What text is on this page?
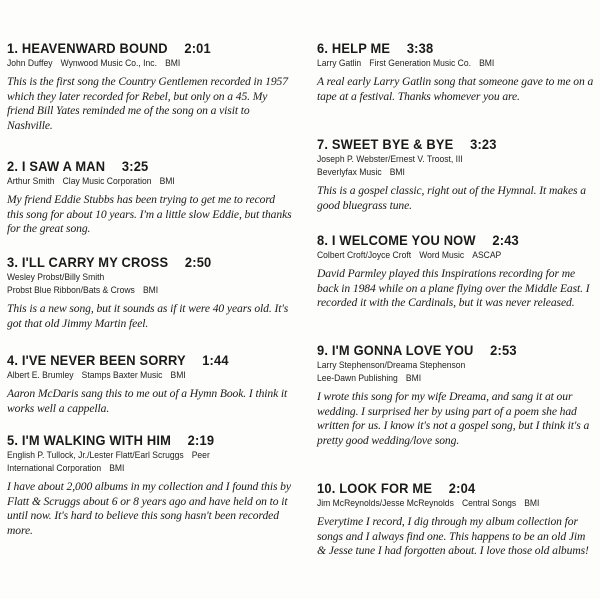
1. HEAVENWARD BOUND 2:01
John Duffey Wynwood Music Co., Inc. BMI
This is the first song the Country Gentlemen recorded in 1957 which they later recorded for Rebel, but only on a 45. My friend Bill Yates reminded me of the song on a visit to Nashville.
2. I SAW A MAN 3:25
Arthur Smith Clay Music Corporation BMI
My friend Eddie Stubbs has been trying to get me to record this song for about 10 years. I'm a little slow Eddie, but thanks for the great song.
3. I'LL CARRY MY CROSS 2:50
Wesley Probst/Billy Smith
Probst Blue Ribbon/Bats & Crows BMI
This is a new song, but it sounds as if it were 40 years old. It's got that old Jimmy Martin feel.
4. I'VE NEVER BEEN SORRY 1:44
Albert E. Brumley Stamps Baxter Music BMI
Aaron McDaris sang this to me out of a Hymn Book. I think it works well a cappella.
5. I'M WALKING WITH HIM 2:19
English P. Tullock, Jr./Lester Flatt/Earl Scruggs Peer
International Corporation BMI
I have about 2,000 albums in my collection and I found this by Flatt & Scruggs about 6 or 8 years ago and have held on to it until now. It's hard to believe this song hasn't been recorded more.
6. HELP ME 3:38
Larry Gatlin First Generation Music Co. BMI
A real early Larry Gatlin song that someone gave to me on a tape at a festival. Thanks whomever you are.
7. SWEET BYE & BYE 3:23
Joseph P. Webster/Ernest V. Troost, III
Beverlyfax Music BMI
This is a gospel classic, right out of the Hymnal. It makes a good bluegrass tune.
8. I WELCOME YOU NOW 2:43
Colbert Croft/Joyce Croft Word Music ASCAP
David Parmley played this Inspirations recording for me back in 1984 while on a plane flying over the Middle East. I recorded it with the Cardinals, but it was never released.
9. I'M GONNA LOVE YOU 2:53
Larry Stephenson/Dreama Stephenson
Lee-Dawn Publishing BMI
I wrote this song for my wife Dreama, and sang it at our wedding. I surprised her by using part of a poem she had written for us. I know it's not a gospel song, but I think it's a pretty good wedding/love song.
10. LOOK FOR ME 2:04
Jim McReynolds/Jesse McReynolds Central Songs BMI
Everytime I record, I dig through my album collection for songs and I always find one. This happens to be an old Jim & Jesse tune I had forgotten about. I love those old albums!
